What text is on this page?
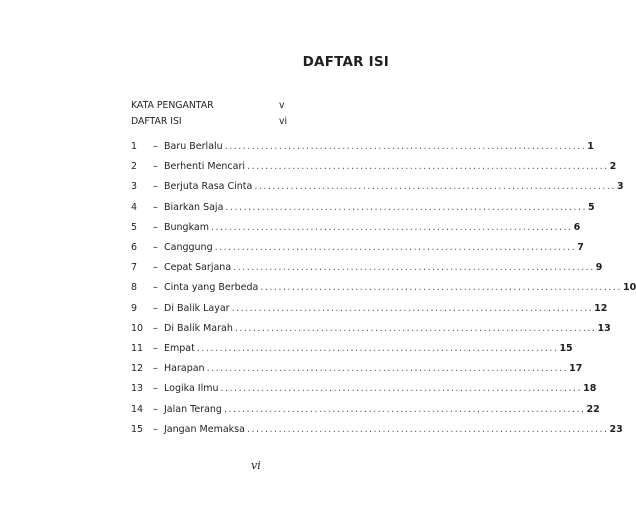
DAFTAR ISI
KATA PENGANTAR	v
DAFTAR ISI	vi
1 – Baru Berlalu ................................................................................ 1
2 – Berhenti Mencari ................................................................................ 2
3 – Berjuta Rasa Cinta ................................................................................ 3
4 – Biarkan Saja ................................................................................ 5
5 – Bungkam ................................................................................ 6
6 – Canggung ................................................................................ 7
7 – Cepat Sarjana ................................................................................ 9
8 – Cinta yang Berbeda ................................................................................ 10
9 – Di Balik Layar ................................................................................ 12
10 – Di Balik Marah ................................................................................ 13
11 – Empat ................................................................................ 15
12 – Harapan ................................................................................ 17
13 – Logika Ilmu ................................................................................ 18
14 – Jalan Terang ................................................................................ 22
15 – Jangan Memaksa ................................................................................ 23
vi
